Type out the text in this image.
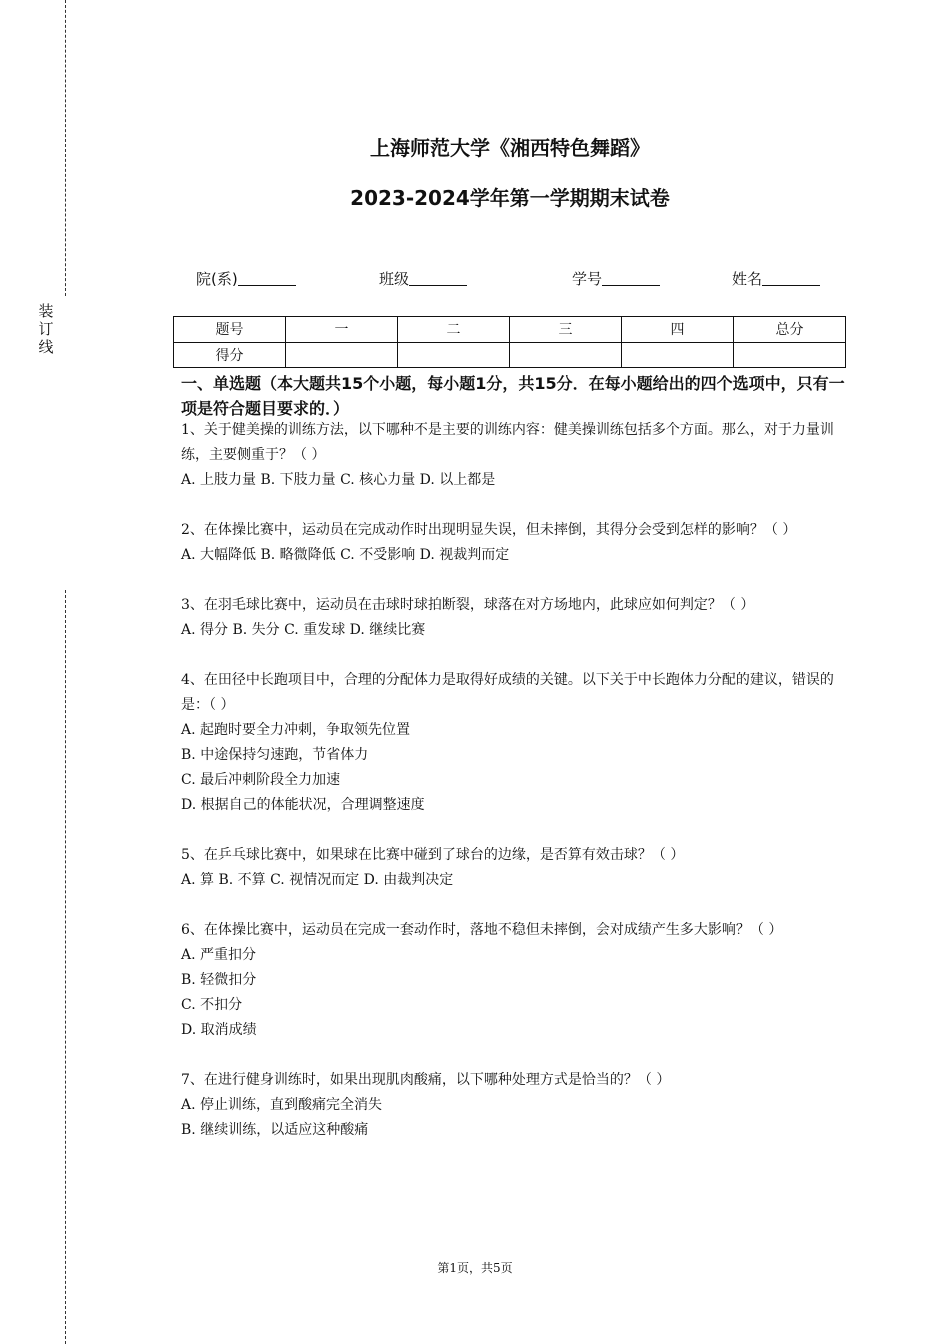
装
订
线
上海师范大学《湘西特色舞蹈》
2023-2024学年第一学期期末试卷
院(系)	班级	学号	姓名
题号	一	二	三	四	总分
得分					
一、单选题（本大题共15个小题，每小题1分，共15分．在每小题给出的四个选项中，只有一项是符合题目要求的．）

1、关于健美操的训练方法，以下哪种不是主要的训练内容：健美操训练包括多个方面。那么，对于力量训练，主要侧重于？（ ）

A. 上肢力量 B. 下肢力量 C. 核心力量 D. 以上都是

2、在体操比赛中，运动员在完成动作时出现明显失误，但未摔倒，其得分会受到怎样的影响？（ ）

A. 大幅降低 B. 略微降低 C. 不受影响 D. 视裁判而定

3、在羽毛球比赛中，运动员在击球时球拍断裂，球落在对方场地内，此球应如何判定？（ ）

A. 得分 B. 失分 C. 重发球 D. 继续比赛

4、在田径中长跑项目中，合理的分配体力是取得好成绩的关键。以下关于中长跑体力分配的建议，错误的是：（ ）

A. 起跑时要全力冲刺，争取领先位置

B. 中途保持匀速跑，节省体力

C. 最后冲刺阶段全力加速

D. 根据自己的体能状况，合理调整速度

5、在乒乓球比赛中，如果球在比赛中碰到了球台的边缘，是否算有效击球？（ ）

A. 算 B. 不算 C. 视情况而定 D. 由裁判决定

6、在体操比赛中，运动员在完成一套动作时，落地不稳但未摔倒，会对成绩产生多大影响？（ ）

A. 严重扣分

B. 轻微扣分

C. 不扣分

D. 取消成绩

7、在进行健身训练时，如果出现肌肉酸痛，以下哪种处理方式是恰当的？（ ）

A. 停止训练，直到酸痛完全消失

B. 继续训练，以适应这种酸痛

第1页，共5页
